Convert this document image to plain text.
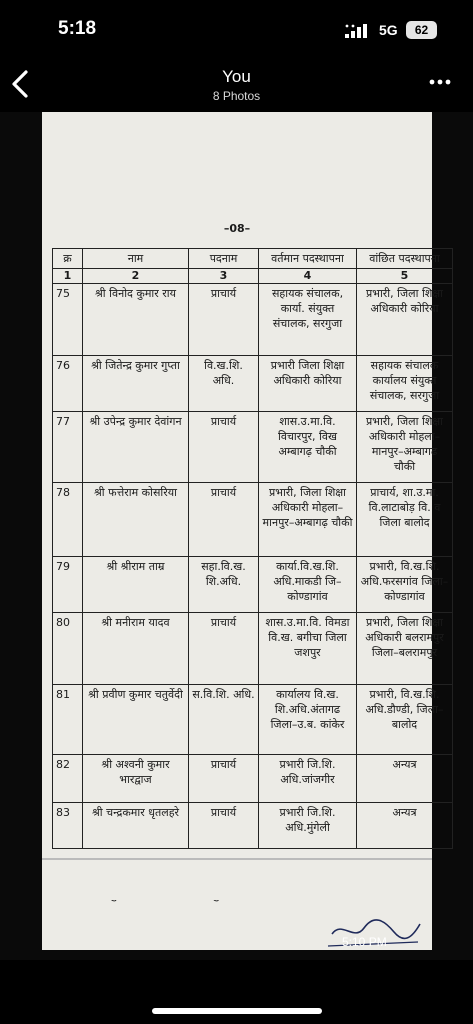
5:18	5G	62
You
8 Photos
–08–
क्र	नाम	पदनाम	वर्तमान पदस्थापना	वांछित पदस्थापना
1	2	3	4	5
75	श्री विनोद कुमार राय	प्राचार्य	सहायक संचालक, कार्या. संयुक्त संचालक, सरगुजा	प्रभारी, जिला शिक्षा अधिकारी कोरिया
76	श्री जितेन्द्र कुमार गुप्ता	वि.ख.शि. अधि.	प्रभारी जिला शिक्षा अधिकारी कोरिया	सहायक संचालक कार्यालय संयुक्त संचालक, सरगुजा
77	श्री उपेन्द्र कुमार देवांगन	प्राचार्य	शास.उ.मा.वि. विचारपुर, विख अम्बागढ़ चौकी	प्रभारी, जिला शिक्षा अधिकारी मोहला–मानपुर–अम्बागढ चौकी
78	श्री फत्तेराम कोसरिया	प्राचार्य	प्रभारी, जिला शिक्षा अधिकारी मोहला–मानपुर–अम्बागढ़ चौकी	प्राचार्य, शा.उ.मा. वि.लाटाबोड़ वि. व जिला बालोद
79	श्री श्रीराम ताम्र	सहा.वि.ख. शि.अधि.	कार्या.वि.ख.शि. अधि.माकडी जि–कोण्डागांव	प्रभारी, वि.ख.शि. अधि.फरसगांव जिला–कोण्डागांव
80	श्री मनीराम यादव	प्राचार्य	शास.उ.मा.वि. विमडा वि.ख. बगीचा जिला जशपुर	प्रभारी, जिला शिक्षा अधिकारी बलरामपुर जिला–बलरामपुर
81	श्री प्रवीण कुमार चतुर्वेदी	स.वि.शि. अधि.	कार्यालय वि.ख. शि.अधि.अंतागढ जिला–उ.ब. कांकेर	प्रभारी, वि.ख.शि. अधि.डौण्डी, जिला–बालोद
82	श्री अश्वनी कुमार भारद्वाज	प्राचार्य	प्रभारी जि.शि. अधि.जांजगीर	अन्यत्र
83	श्री चन्द्रकमार धृतलहरे	प्राचार्य	प्रभारी जि.शि. अधि.मुंगेली	अन्यत्र
5:10 PM
